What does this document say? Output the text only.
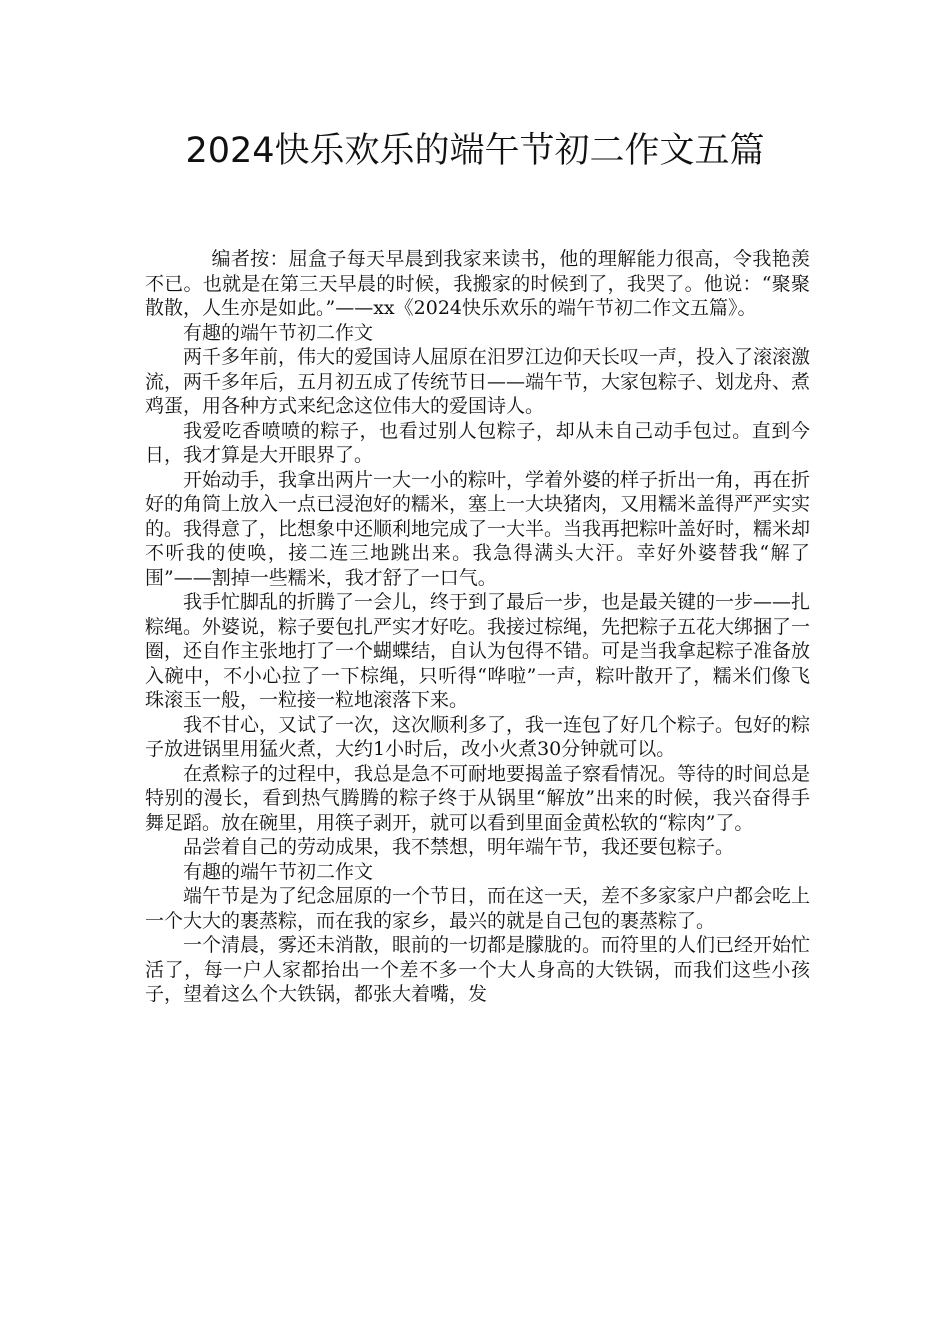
2024快乐欢乐的端午节初二作文五篇

编者按：屈盒子每天早晨到我家来读书，他的理解能力很高，令我艳羡不已。也就是在第三天早晨的时候，我搬家的时候到了，我哭了。他说：“聚聚散散，人生亦是如此。”——xx《2024快乐欢乐的端午节初二作文五篇》。

有趣的端午节初二作文

两千多年前，伟大的爱国诗人屈原在汨罗江边仰天长叹一声，投入了滚滚激流，两千多年后，五月初五成了传统节日——端午节，大家包粽子、划龙舟、煮鸡蛋，用各种方式来纪念这位伟大的爱国诗人。

我爱吃香喷喷的粽子，也看过别人包粽子，却从未自己动手包过。直到今日，我才算是大开眼界了。

开始动手，我拿出两片一大一小的粽叶，学着外婆的样子折出一角，再在折好的角筒上放入一点已浸泡好的糯米，塞上一大块猪肉，又用糯米盖得严严实实的。我得意了，比想象中还顺利地完成了一大半。当我再把粽叶盖好时，糯米却不听我的使唤，接二连三地跳出来。我急得满头大汗。幸好外婆替我“解了围”——割掉一些糯米，我才舒了一口气。

我手忙脚乱的折腾了一会儿，终于到了最后一步，也是最关键的一步——扎粽绳。外婆说，粽子要包扎严实才好吃。我接过棕绳，先把粽子五花大绑捆了一圈，还自作主张地打了一个蝴蝶结，自认为包得不错。可是当我拿起粽子准备放入碗中，不小心拉了一下棕绳，只听得“哗啦”一声，粽叶散开了，糯米们像飞珠滚玉一般，一粒接一粒地滚落下来。

我不甘心，又试了一次，这次顺利多了，我一连包了好几个粽子。包好的粽子放进锅里用猛火煮，大约1小时后，改小火煮30分钟就可以。

在煮粽子的过程中，我总是急不可耐地要揭盖子察看情况。等待的时间总是特别的漫长，看到热气腾腾的粽子终于从锅里“解放”出来的时候，我兴奋得手舞足蹈。放在碗里，用筷子剥开，就可以看到里面金黄松软的“粽肉”了。

品尝着自己的劳动成果，我不禁想，明年端午节，我还要包粽子。

有趣的端午节初二作文

端午节是为了纪念屈原的一个节日，而在这一天，差不多家家户户都会吃上一个大大的裹蒸粽，而在我的家乡，最兴的就是自己包的裹蒸粽了。

一个清晨，雾还未消散，眼前的一切都是朦胧的。而符里的人们已经开始忙活了，每一户人家都抬出一个差不多一个大人身高的大铁锅，而我们这些小孩子，望着这么个大铁锅，都张大着嘴，发
